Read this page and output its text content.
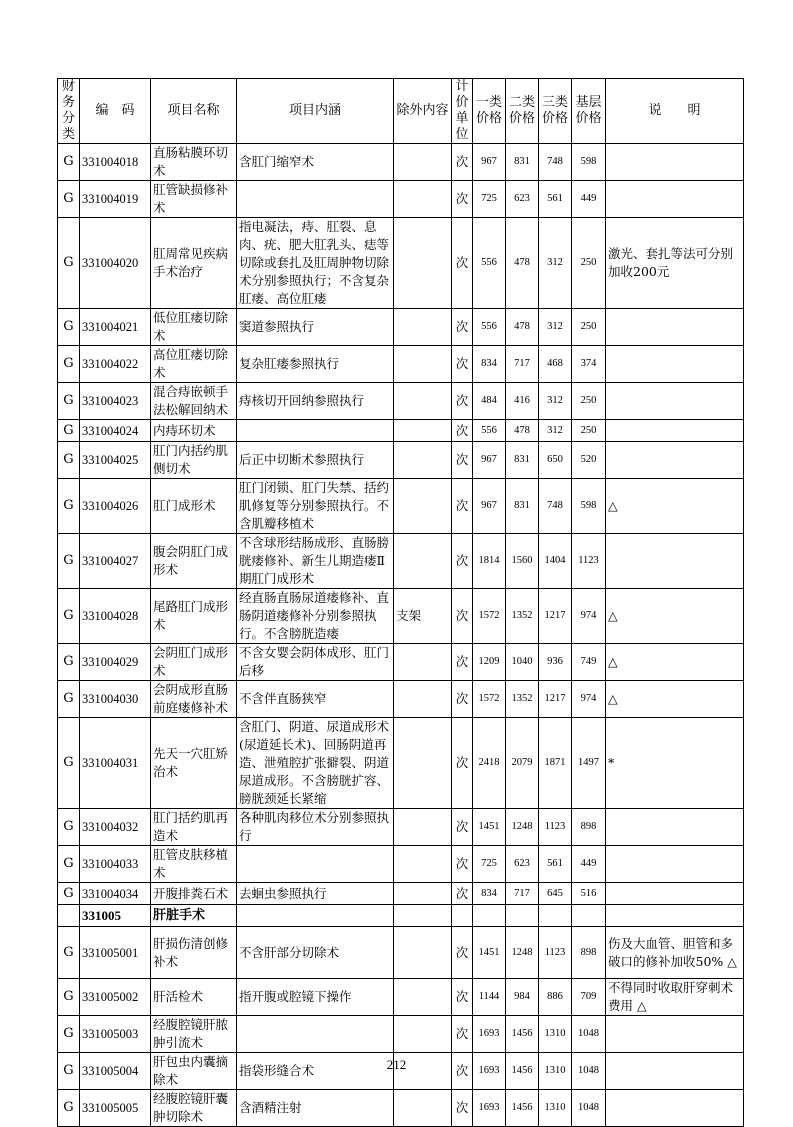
财务分类	编　码	项目名称	项目内涵	除外内容	计价单位	一类价格	二类价格	三类价格	基层价格	说　　明
G	331004018	直肠粘膜环切术	含肛门缩窄术		次	967	831	748	598	
G	331004019	肛管缺损修补术			次	725	623	561	449	
G	331004020	肛周常见疾病手术治疗	指电凝法，痔、肛裂、息肉、疣、肥大肛乳头、痣等切除或套扎及肛周肿物切除术分别参照执行；不含复杂肛瘘、高位肛瘘		次	556	478	312	250	激光、套扎等法可分别加收200元
G	331004021	低位肛瘘切除术	窦道参照执行		次	556	478	312	250	
G	331004022	高位肛瘘切除术	复杂肛瘘参照执行		次	834	717	468	374	
G	331004023	混合痔嵌顿手法松解回纳术	痔核切开回纳参照执行		次	484	416	312	250	
G	331004024	内痔环切术			次	556	478	312	250	
G	331004025	肛门内括约肌侧切术	后正中切断术参照执行		次	967	831	650	520	
G	331004026	肛门成形术	肛门闭锁、肛门失禁、括约肌修复等分别参照执行。不含肌瓣移植术		次	967	831	748	598	△
G	331004027	腹会阴肛门成形术	不含球形结肠成形、直肠膀胱瘘修补、新生儿期造瘘Ⅱ期肛门成形术		次	1814	1560	1404	1123	
G	331004028	尾路肛门成形术	经直肠直肠尿道瘘修补、直肠阴道瘘修补分别参照执行。不含膀胱造瘘	支架	次	1572	1352	1217	974	△
G	331004029	会阴肛门成形术	不含女婴会阴体成形、肛门后移		次	1209	1040	936	749	△
G	331004030	会阴成形直肠前庭瘘修补术	不含伴直肠狭窄		次	1572	1352	1217	974	△
G	331004031	先天一穴肛矫治术	含肛门、阴道、尿道成形术(尿道延长术)、回肠阴道再造、泄殖腔扩张擗裂、阴道尿道成形。不含膀胱扩容、膀胱颈延长紧缩		次	2418	2079	1871	1497	*
G	331004032	肛门括约肌再造术	各种肌肉移位术分别参照执行		次	1451	1248	1123	898	
G	331004033	肛管皮肤移植术			次	725	623	561	449	
G	331004034	开腹排粪石术	去蛔虫参照执行		次	834	717	645	516	
	331005	肝脏手术								
G	331005001	肝损伤清创修补术	不含肝部分切除术		次	1451	1248	1123	898	伤及大血管、胆管和多破口的修补加收50% △
G	331005002	肝活检术	指开腹或腔镜下操作		次	1144	984	886	709	不得同时收取肝穿刺术费用 △
G	331005003	经腹腔镜肝脓肿引流术			次	1693	1456	1310	1048	
G	331005004	肝包虫内囊摘除术	指袋形缝合术		次	1693	1456	1310	1048	
G	331005005	经腹腔镜肝囊肿切除术	含酒精注射		次	1693	1456	1310	1048	
212
